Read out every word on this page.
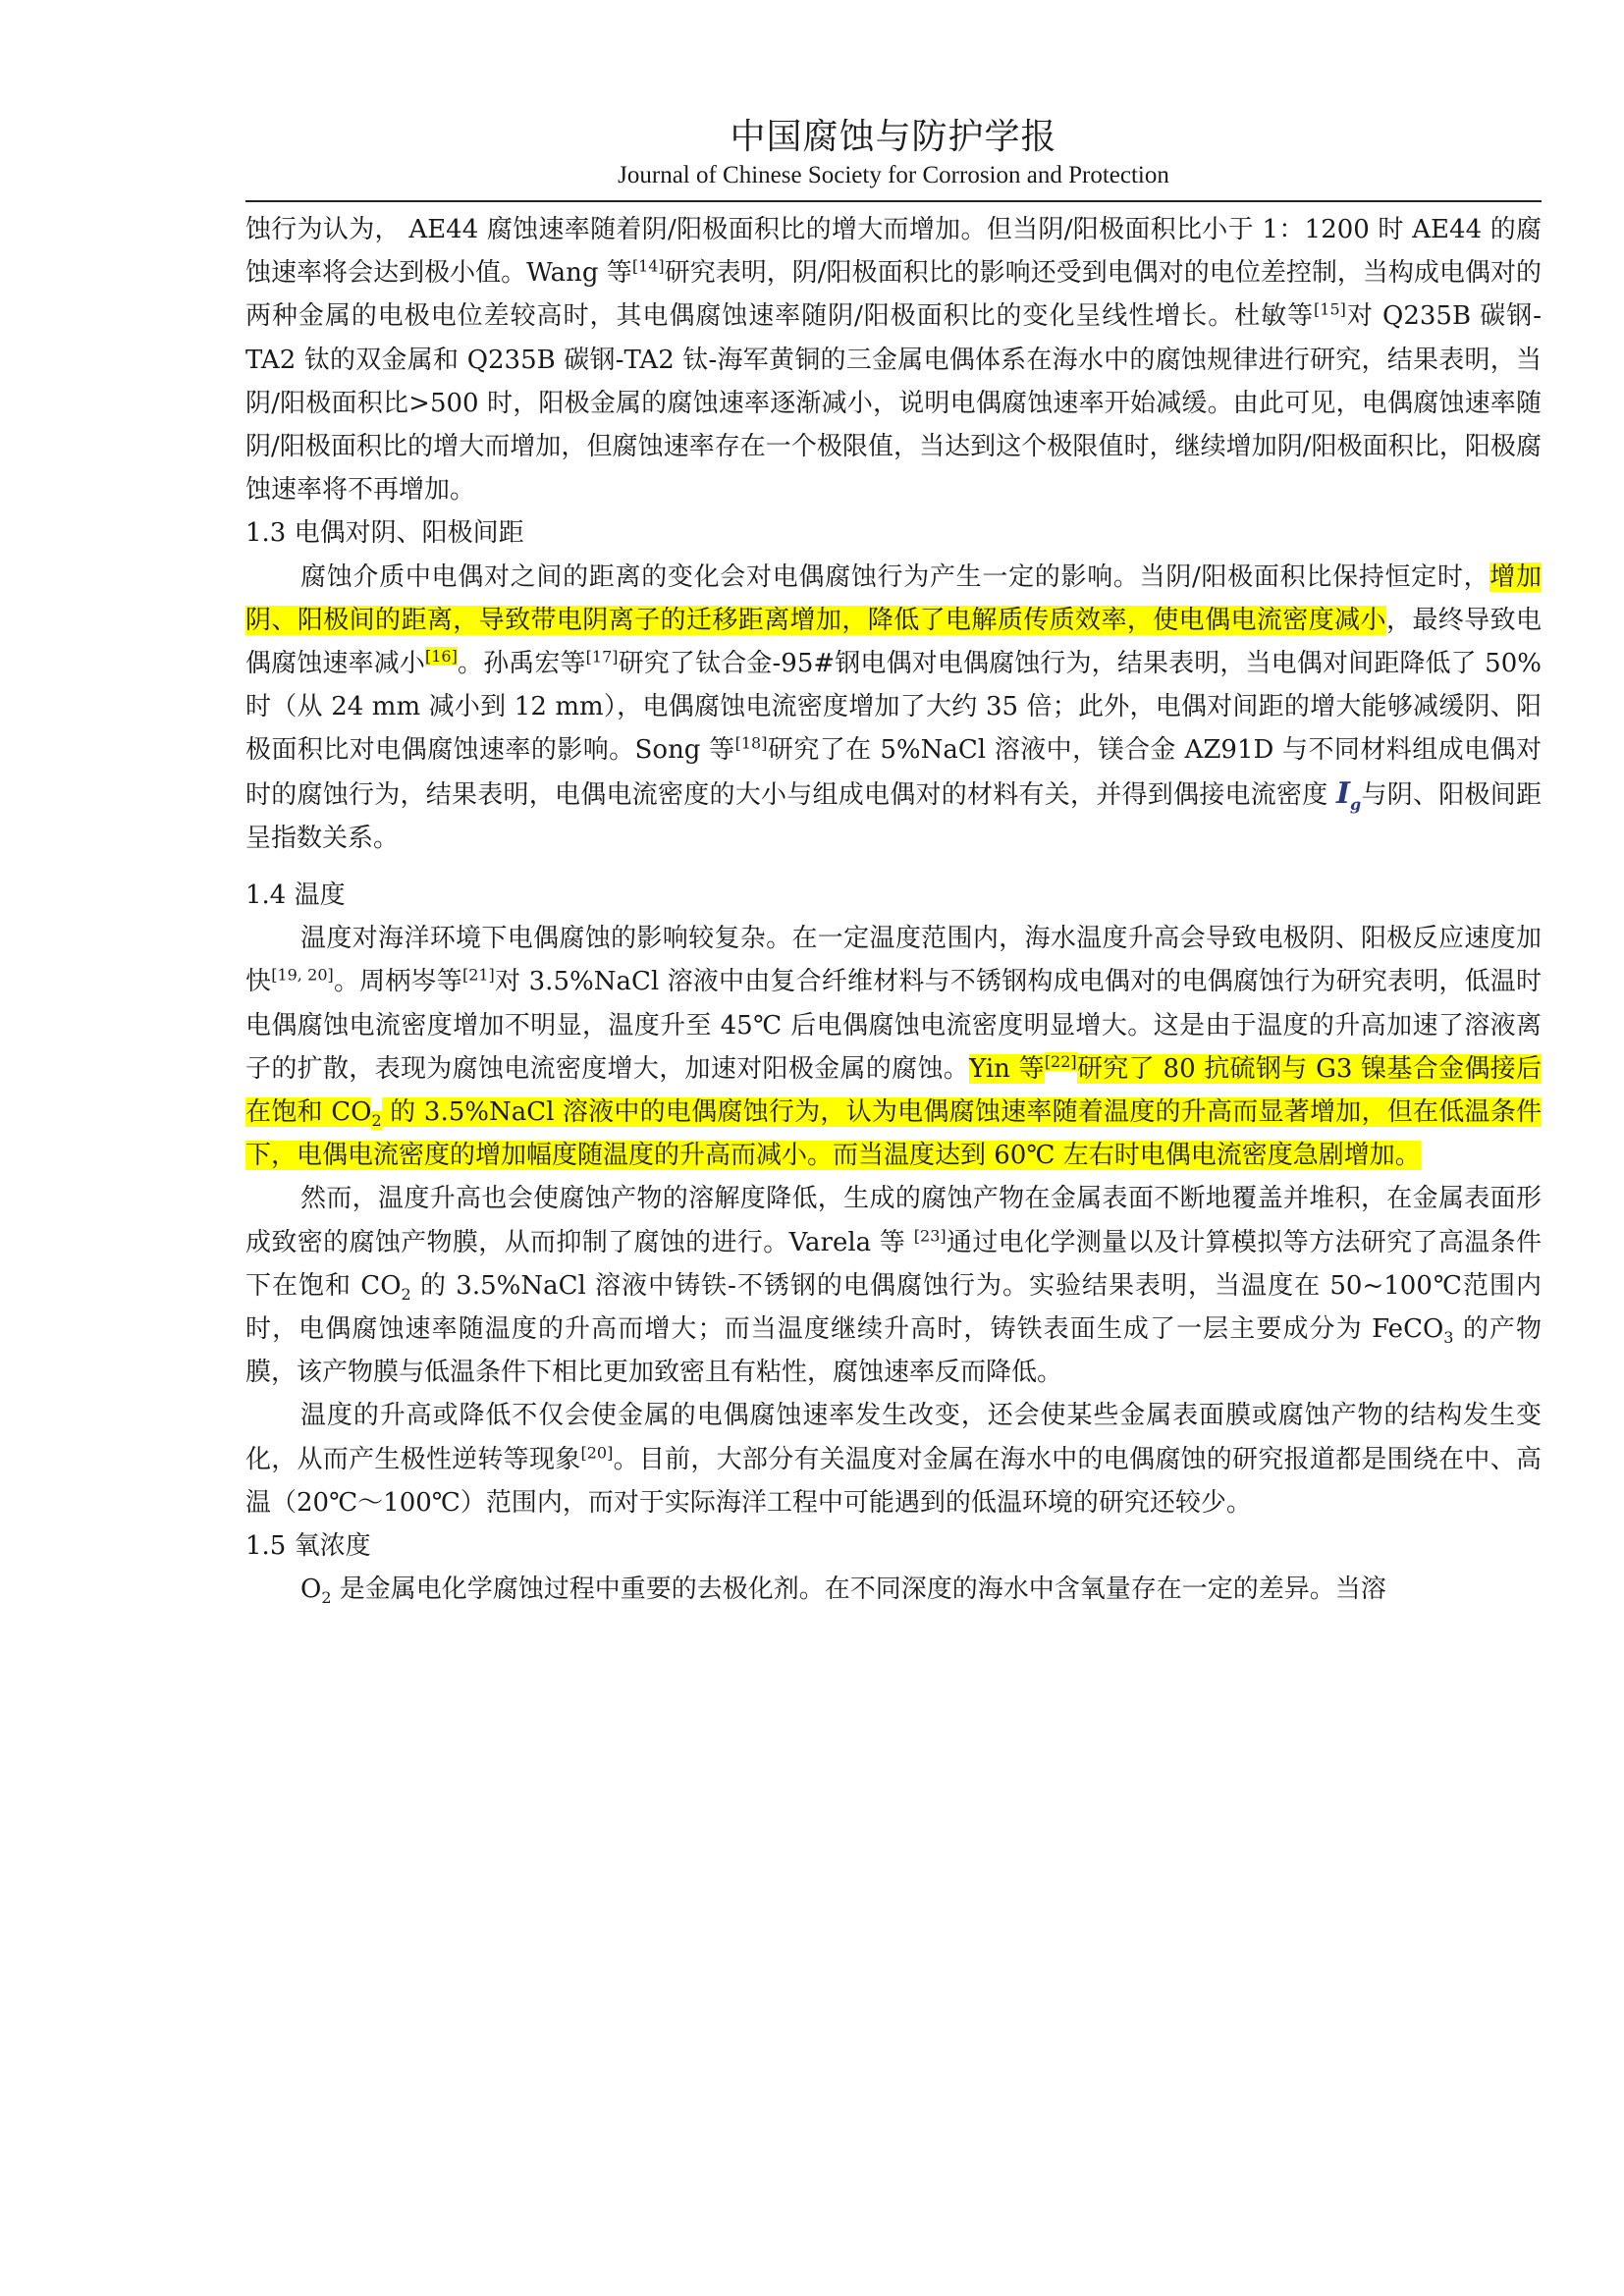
中国腐蚀与防护学报
Journal of Chinese Society for Corrosion and Protection

蚀行为认为， AE44 腐蚀速率随着阴/阳极面积比的增大而增加。但当阴/阳极面积比小于 1：1200 时 AE44 的腐蚀速率将会达到极小值。Wang 等[14]研究表明，阴/阳极面积比的影响还受到电偶对的电位差控制，当构成电偶对的两种金属的电极电位差较高时，其电偶腐蚀速率随阴/阳极面积比的变化呈线性增长。杜敏等[15]对 Q235B 碳钢-TA2 钛的双金属和 Q235B 碳钢-TA2 钛-海军黄铜的三金属电偶体系在海水中的腐蚀规律进行研究，结果表明，当阴/阳极面积比>500 时，阳极金属的腐蚀速率逐渐减小，说明电偶腐蚀速率开始减缓。由此可见，电偶腐蚀速率随阴/阳极面积比的增大而增加，但腐蚀速率存在一个极限值，当达到这个极限值时，继续增加阴/阳极面积比，阳极腐蚀速率将不再增加。

1.3 电偶对阴、阳极间距

腐蚀介质中电偶对之间的距离的变化会对电偶腐蚀行为产生一定的影响。当阴/阳极面积比保持恒定时，增加阴、阳极间的距离，导致带电阴离子的迁移距离增加，降低了电解质传质效率，使电偶电流密度减小，最终导致电偶腐蚀速率减小[16]。孙禹宏等[17]研究了钛合金-95#钢电偶对电偶腐蚀行为，结果表明，当电偶对间距降低了 50%时（从 24 mm 减小到 12 mm），电偶腐蚀电流密度增加了大约 35 倍；此外，电偶对间距的增大能够减缓阴、阳极面积比对电偶腐蚀速率的影响。Song 等[18]研究了在 5%NaCl 溶液中，镁合金 AZ91D 与不同材料组成电偶对时的腐蚀行为，结果表明，电偶电流密度的大小与组成电偶对的材料有关，并得到偶接电流密度 $I_g$与阴、阳极间距呈指数关系。

1.4 温度

温度对海洋环境下电偶腐蚀的影响较复杂。在一定温度范围内，海水温度升高会导致电极阴、阳极反应速度加快[19, 20]。周柄岑等[21]对 3.5%NaCl 溶液中由复合纤维材料与不锈钢构成电偶对的电偶腐蚀行为研究表明，低温时电偶腐蚀电流密度增加不明显，温度升至 45℃ 后电偶腐蚀电流密度明显增大。这是由于温度的升高加速了溶液离子的扩散，表现为腐蚀电流密度增大，加速对阳极金属的腐蚀。Yin 等[22]研究了 80 抗硫钢与 G3 镍基合金偶接后在饱和 $CO_2$ 的 3.5%NaCl 溶液中的电偶腐蚀行为，认为电偶腐蚀速率随着温度的升高而显著增加，但在低温条件下，电偶电流密度的增加幅度随温度的升高而减小。而当温度达到 60℃ 左右时电偶电流密度急剧增加。

然而，温度升高也会使腐蚀产物的溶解度降低，生成的腐蚀产物在金属表面不断地覆盖并堆积，在金属表面形成致密的腐蚀产物膜，从而抑制了腐蚀的进行。Varela 等 [23]通过电化学测量以及计算模拟等方法研究了高温条件下在饱和 $CO_2$ 的 3.5%NaCl 溶液中铸铁-不锈钢的电偶腐蚀行为。实验结果表明，当温度在 50~100℃范围内时，电偶腐蚀速率随温度的升高而增大；而当温度继续升高时，铸铁表面生成了一层主要成分为 FeCO$_3$ 的产物膜，该产物膜与低温条件下相比更加致密且有粘性，腐蚀速率反而降低。

温度的升高或降低不仅会使金属的电偶腐蚀速率发生改变，还会使某些金属表面膜或腐蚀产物的结构发生变化，从而产生极性逆转等现象[20]。目前，大部分有关温度对金属在海水中的电偶腐蚀的研究报道都是围绕在中、高温（20℃～100℃）范围内，而对于实际海洋工程中可能遇到的低温环境的研究还较少。

1.5 氧浓度

$O_2$ 是金属电化学腐蚀过程中重要的去极化剂。在不同深度的海水中含氧量存在一定的差异。当溶
